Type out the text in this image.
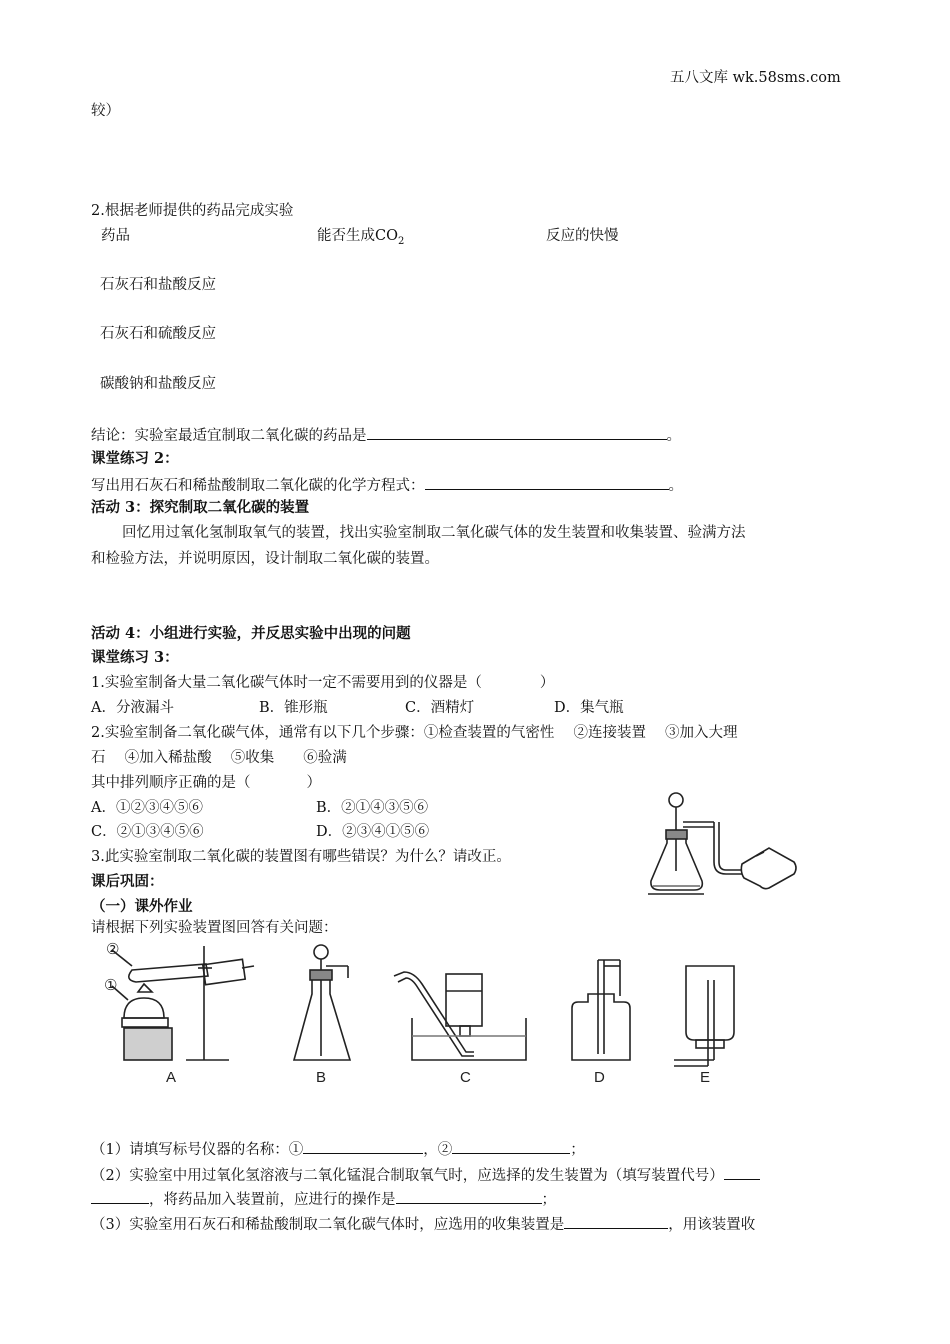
五八文库 wk.58sms.com
较）
2.根据老师提供的药品完成实验
药品	能否生成$CO_2$	反应的快慢
石灰石和盐酸反应
石灰石和硫酸反应
碳酸钠和盐酸反应
结论：实验室最适宜制取二氧化碳的药品是	。
课堂练习 2：
写出用石灰石和稀盐酸制取二氧化碳的化学方程式：	。
活动 3：探究制取二氧化碳的装置
回忆用过氧化氢制取氧气的装置，找出实验室制取二氧化碳气体的发生装置和收集装置、验满方法
和检验方法，并说明原因，设计制取二氧化碳的装置。
活动 4：小组进行实验，并反思实验中出现的问题
课堂练习 3：
1.实验室制备大量二氧化碳气体时一定不需要用到的仪器是（	）
A．分液漏斗	B．锥形瓶	C．酒精灯	D．集气瓶
2.实验室制备二氧化碳气体，通常有以下几个步骤：①检查装置的气密性　 ②连接装置　 ③加入大理
石　 ④加入稀盐酸　 ⑤收集　　⑥验满
其中排列顺序正确的是（	）
A．①②③④⑤⑥	B．②①④③⑤⑥
C．②①③④⑤⑥	D．②③④①⑤⑥
3.此实验室制取二氧化碳的装置图有哪些错误？为什么？请改正。
课后巩固：
（一）课外作业
请根据下列实验装置图回答有关问题：
②
①
A	B	C	D	E
（1）请填写标号仪器的名称：①	，②	；
（2）实验室中用过氧化氢溶液与二氧化锰混合制取氧气时，应选择的发生装置为（填写装置代号）
，将药品加入装置前，应进行的操作是	；
（3）实验室用石灰石和稀盐酸制取二氧化碳气体时，应选用的收集装置是	，用该装置收
